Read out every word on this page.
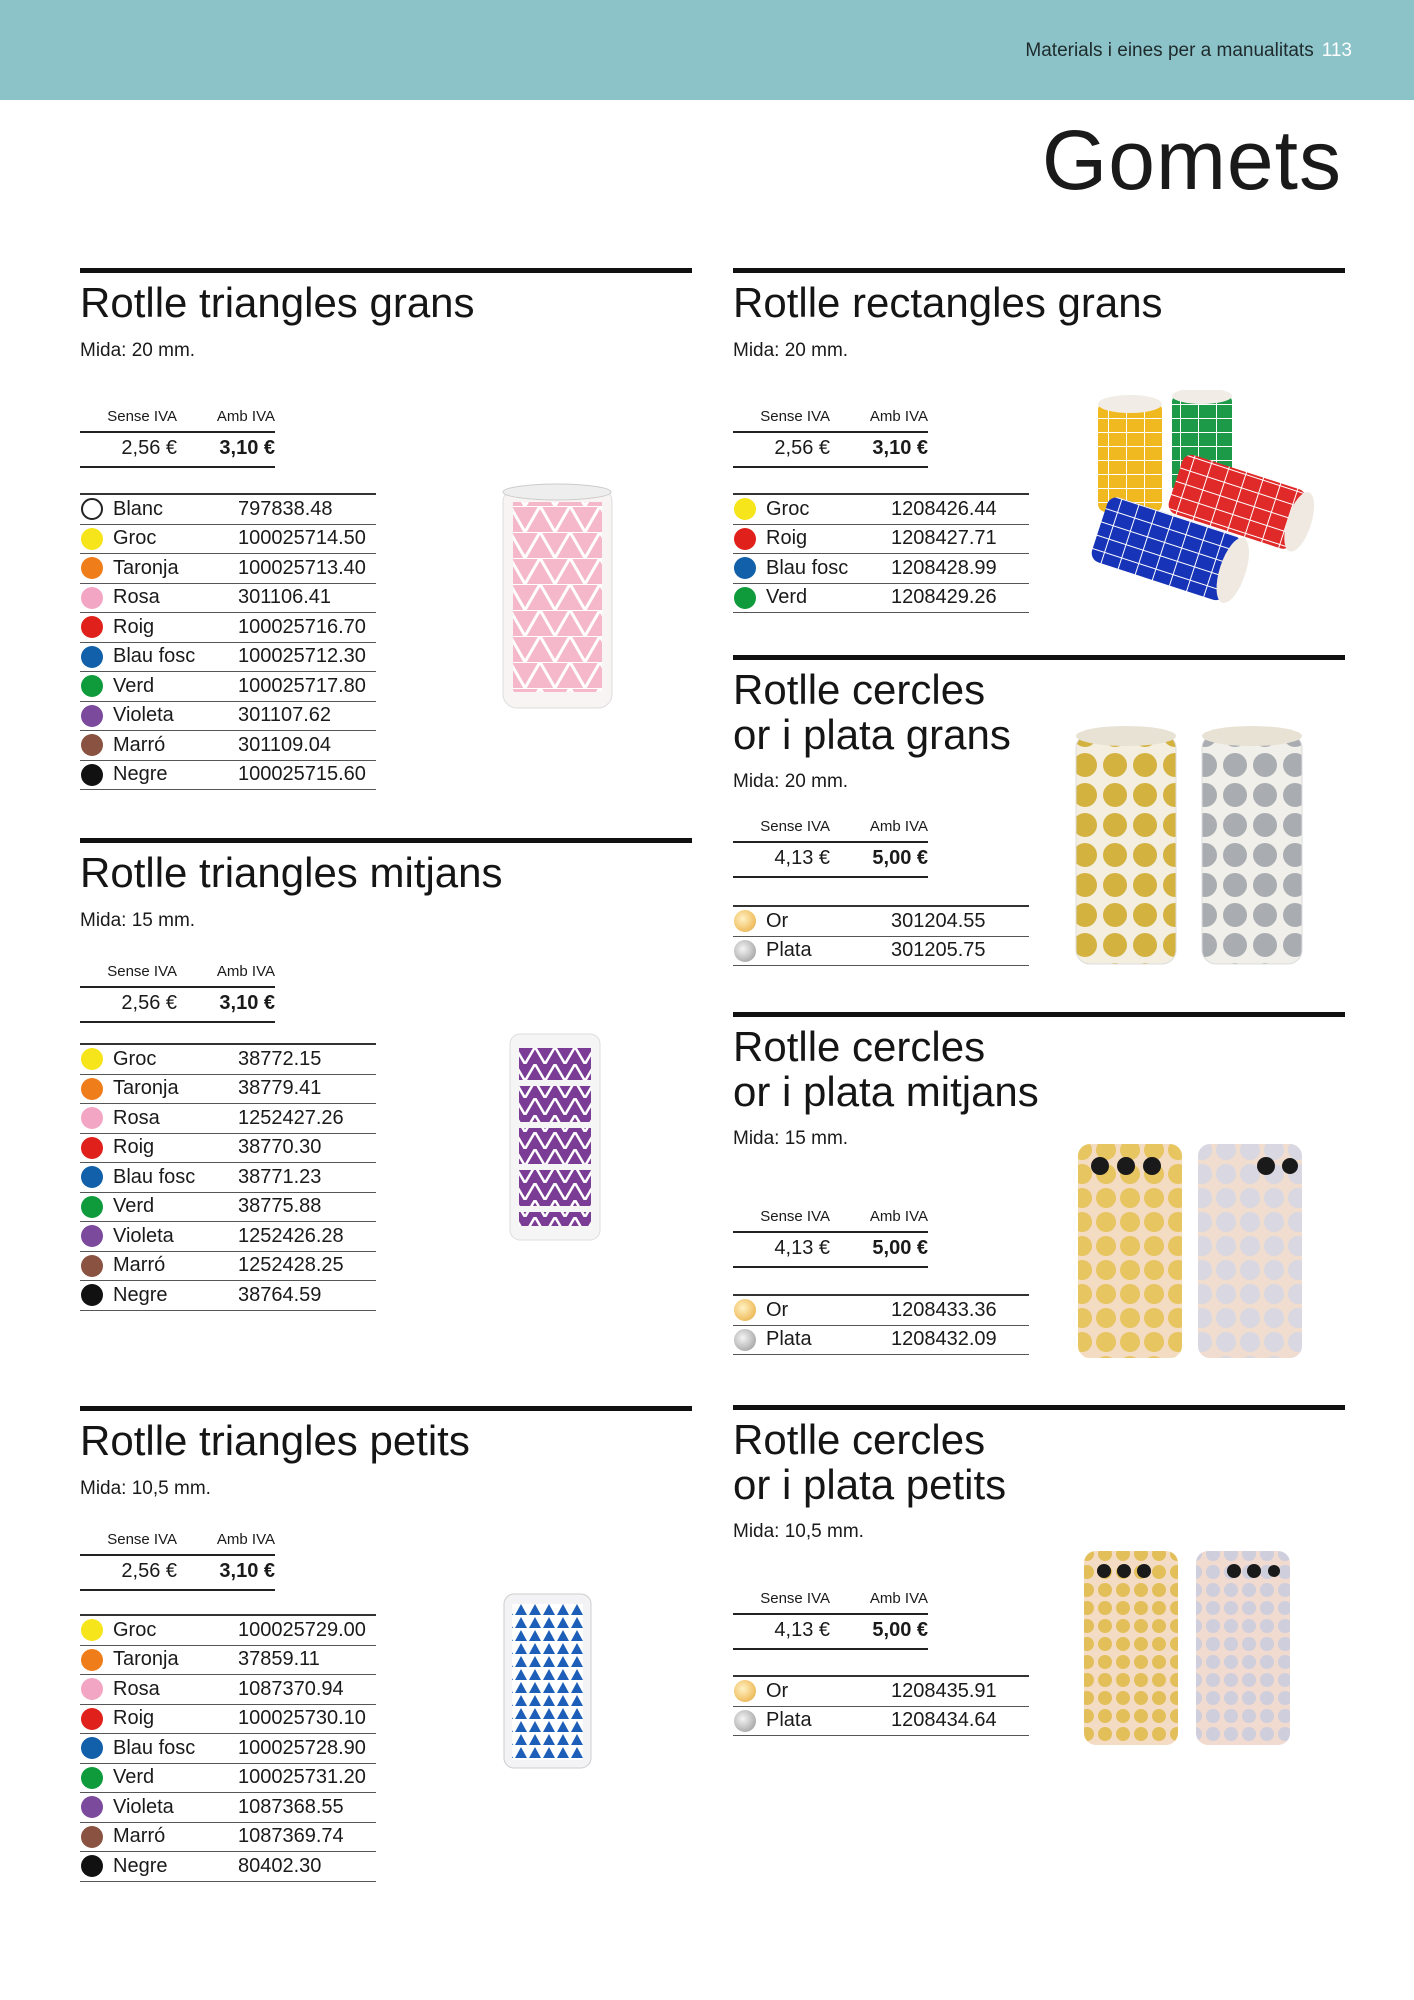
Materials i eines per a manualitats 113
Gomets
Rotlle triangles grans
Mida: 20 mm.
Sense IVA	Amb IVA
2,56 €	3,10 €
Blanc	797838.48
Groc	100025714.50
Taronja	100025713.40
Rosa	301106.41
Roig	100025716.70
Blau fosc	100025712.30
Verd	100025717.80
Violeta	301107.62
Marró	301109.04
Negre	100025715.60
Rotlle triangles mitjans
Mida: 15 mm.
Sense IVA	Amb IVA
2,56 €	3,10 €
Groc	38772.15
Taronja	38779.41
Rosa	1252427.26
Roig	38770.30
Blau fosc	38771.23
Verd	38775.88
Violeta	1252426.28
Marró	1252428.25
Negre	38764.59
Rotlle triangles petits
Mida: 10,5 mm.
Sense IVA	Amb IVA
2,56 €	3,10 €
Groc	100025729.00
Taronja	37859.11
Rosa	1087370.94
Roig	100025730.10
Blau fosc	100025728.90
Verd	100025731.20
Violeta	1087368.55
Marró	1087369.74
Negre	80402.30
Rotlle rectangles grans
Mida: 20 mm.
Sense IVA	Amb IVA
2,56 €	3,10 €
Groc	1208426.44
Roig	1208427.71
Blau fosc	1208428.99
Verd	1208429.26
Rotlle cercles
or i plata grans
Mida: 20 mm.
Sense IVA	Amb IVA
4,13 €	5,00 €
Or	301204.55
Plata	301205.75
Rotlle cercles
or i plata mitjans
Mida: 15 mm.
Sense IVA	Amb IVA
4,13 €	5,00 €
Or	1208433.36
Plata	1208432.09
Rotlle cercles
or i plata petits
Mida: 10,5 mm.
Sense IVA	Amb IVA
4,13 €	5,00 €
Or	1208435.91
Plata	1208434.64
